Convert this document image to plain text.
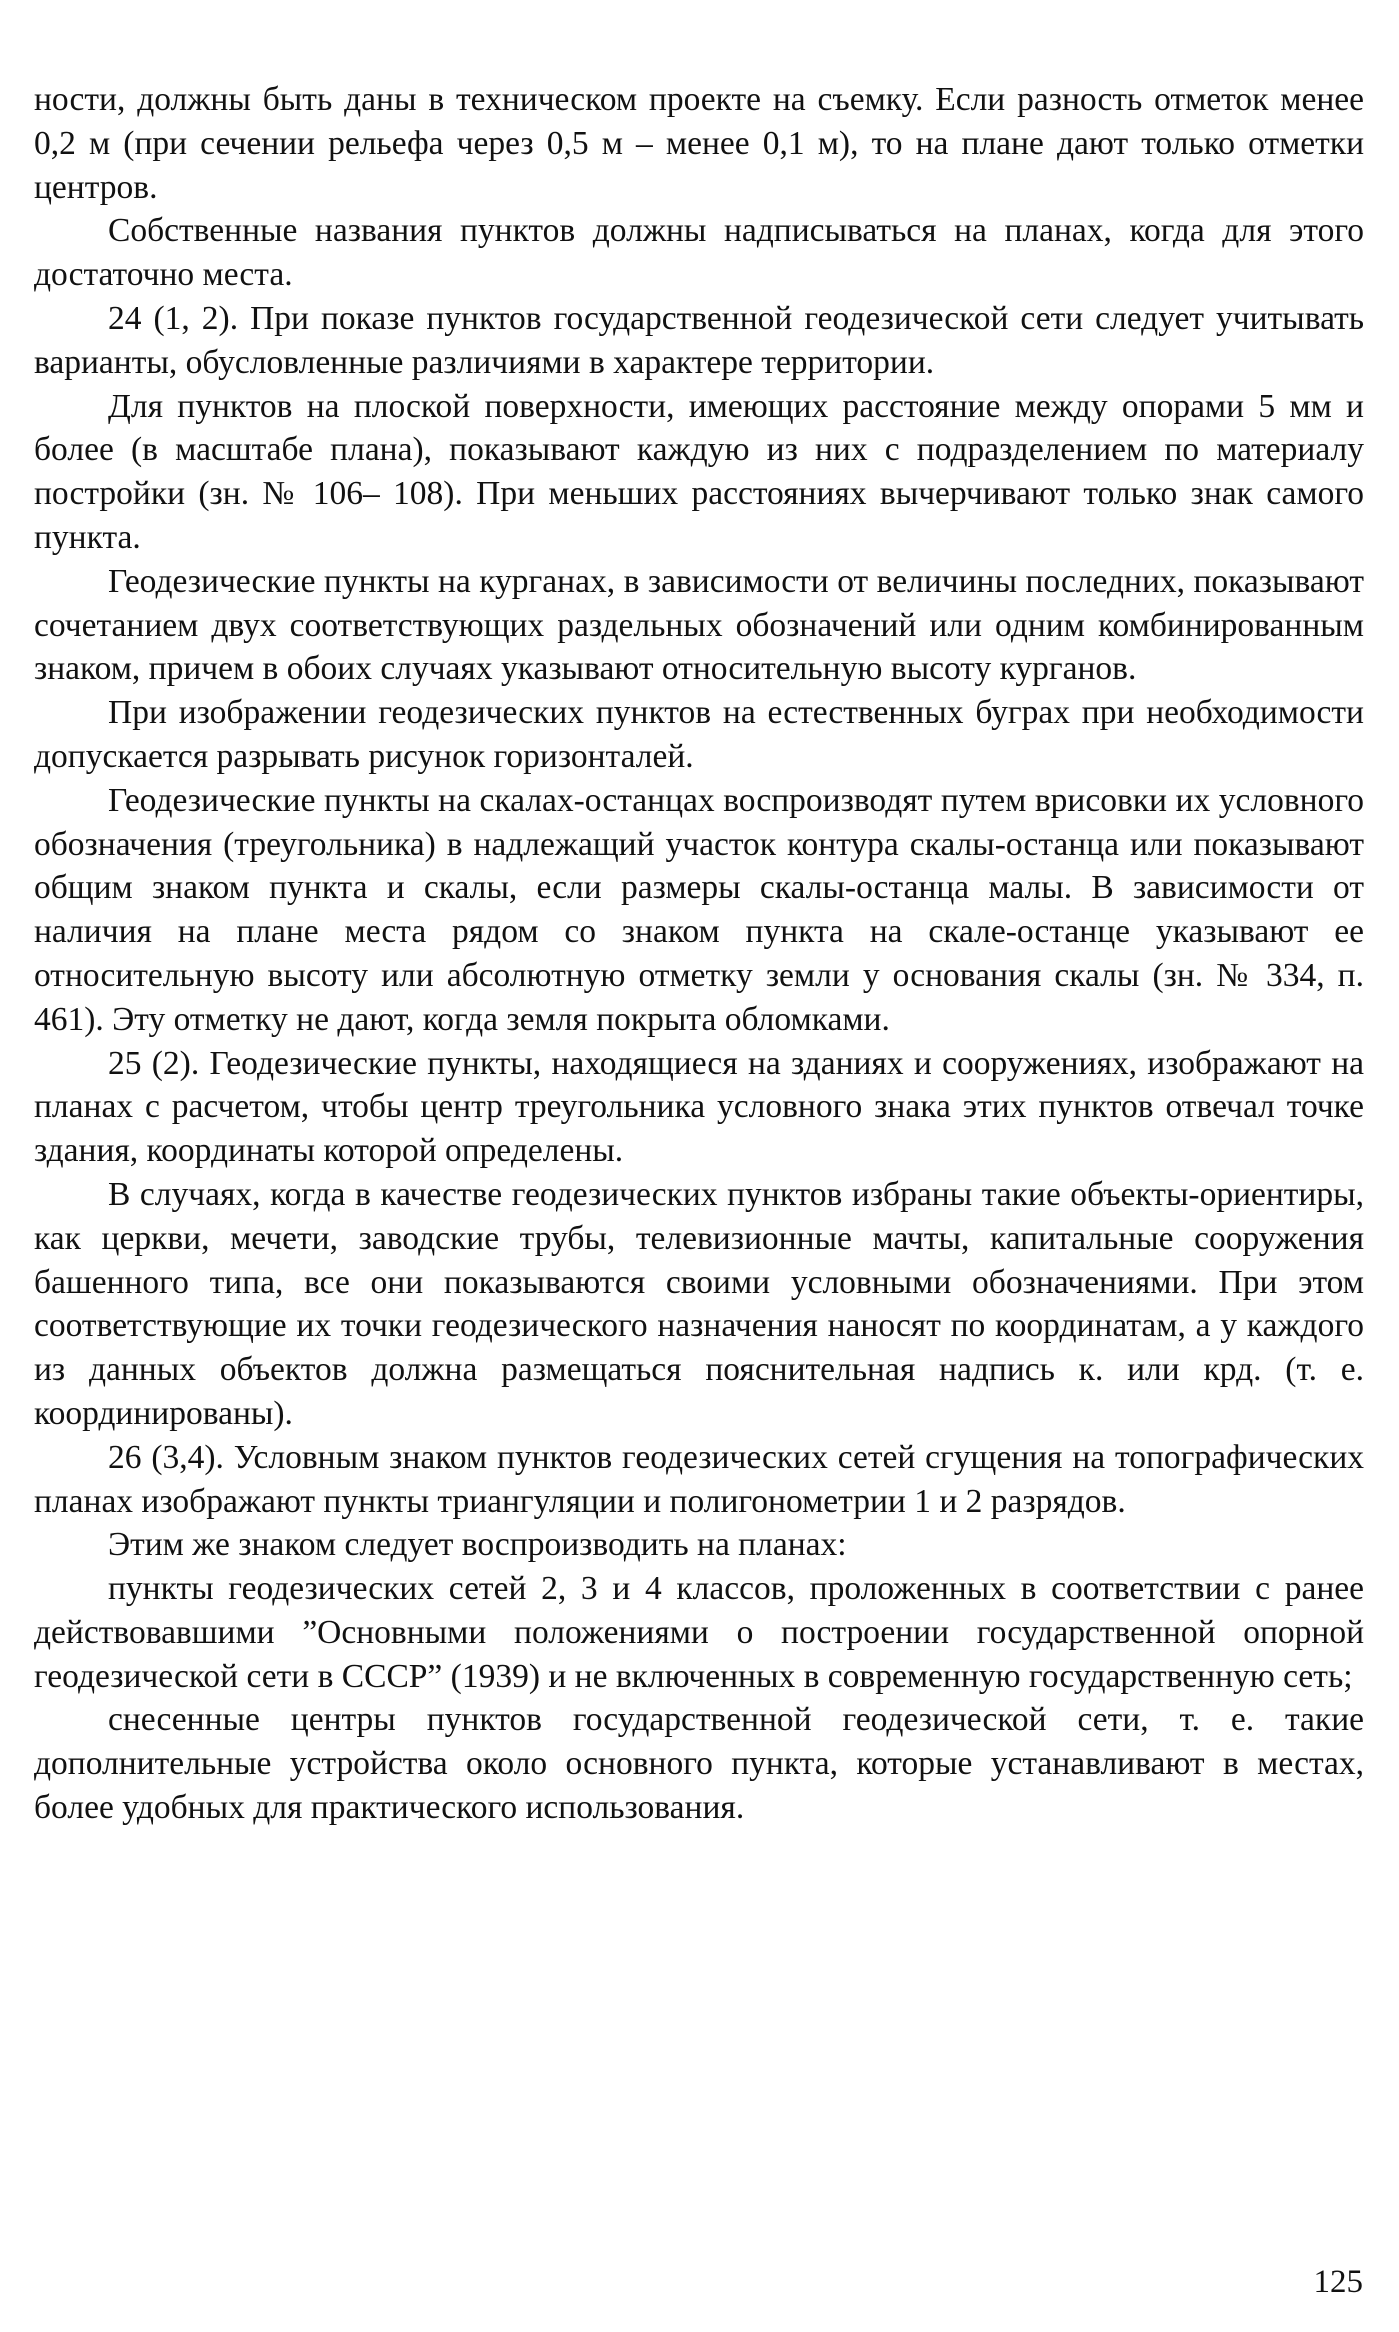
ности, должны быть даны в техническом проекте на съемку. Если разность отметок менее 0,2 м (при сечении рельефа через 0,5 м – менее 0,1 м), то на плане дают только отметки центров.

Собственные названия пунктов должны надписываться на планах, когда для этого достаточно места.

24 (1, 2). При показе пунктов государственной геодезической сети следует учитывать варианты, обусловленные различиями в характере территории.

Для пунктов на плоской поверхности, имеющих расстояние между опорами 5 мм и более (в масштабе плана), показывают каждую из них с подразделением по материалу постройки (зн. № 106– 108). При меньших расстояниях вычерчивают только знак самого пункта.

Геодезические пункты на курганах, в зависимости от величины последних, показывают сочетанием двух соответствующих раздельных обозначений или одним комбинированным знаком, причем в обоих случаях указывают относительную высоту курганов.

При изображении геодезических пунктов на естественных буграх при необходимости допускается разрывать рисунок горизонталей.

Геодезические пункты на скалах-останцах воспроизводят путем врисовки их условного обозначения (треугольника) в надлежащий участок контура скалы-останца или показывают общим знаком пункта и скалы, если размеры скалы-останца малы. В зависимости от наличия на плане места рядом со знаком пункта на скале-останце указывают ее относительную высоту или абсолютную отметку земли у основания скалы (зн. № 334, п. 461). Эту отметку не дают, когда земля покрыта обломками.

25 (2). Геодезические пункты, находящиеся на зданиях и сооружениях, изображают на планах с расчетом, чтобы центр треугольника условного знака этих пунктов отвечал точке здания, координаты которой определены.

В случаях, когда в качестве геодезических пунктов избраны такие объекты-ориентиры, как церкви, мечети, заводские трубы, телевизионные мачты, капитальные сооружения башенного типа, все они показываются своими условными обозначениями. При этом соответствующие их точки геодезического назначения наносят по координатам, а у каждого из данных объектов должна размещаться пояснительная надпись к. или крд. (т. е. координированы).

26 (3,4). Условным знаком пунктов геодезических сетей сгущения на топографических планах изображают пункты триангуляции и полигонометрии 1 и 2 разрядов.

Этим же знаком следует воспроизводить на планах:

пункты геодезических сетей 2, 3 и 4 классов, проложенных в соответствии с ранее действовавшими ”Основными положениями о построении государственной опорной геодезической сети в СССР” (1939) и не включенных в современную государственную сеть;

снесенные центры пунктов государственной геодезической сети, т. е. такие дополнительные устройства около основного пункта, которые устанавливают в местах, более удобных для практического использования.

125
